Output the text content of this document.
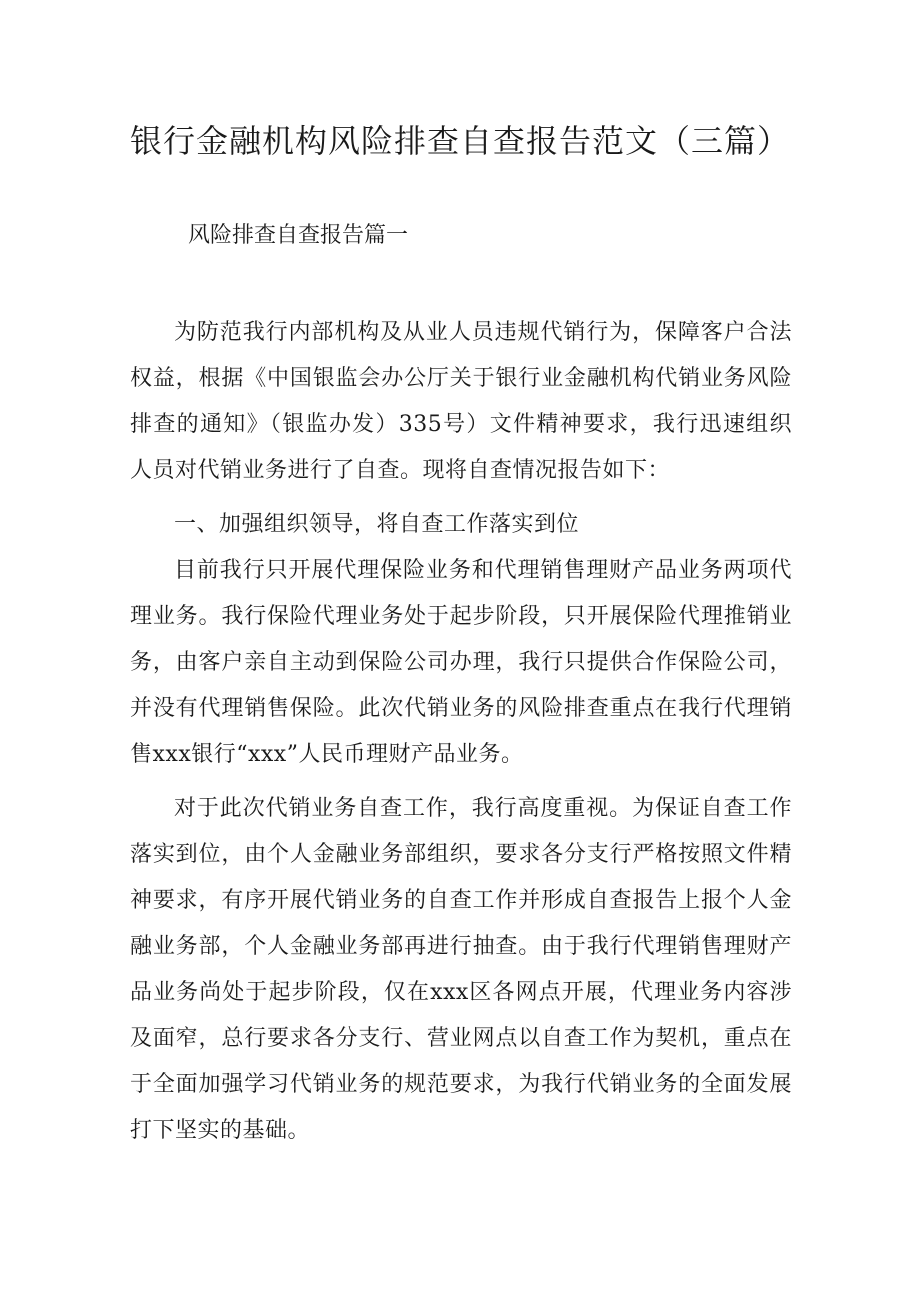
银行金融机构风险排查自查报告范文（三篇）
风险排查自查报告篇一

为防范我行内部机构及从业人员违规代销行为，保障客户合法权益，根据《中国银监会办公厅关于银行业金融机构代销业务风险排查的通知》（银监办发）335号）文件精神要求，我行迅速组织人员对代销业务进行了自查。现将自查情况报告如下：

一、加强组织领导，将自查工作落实到位

目前我行只开展代理保险业务和代理销售理财产品业务两项代理业务。我行保险代理业务处于起步阶段，只开展保险代理推销业务，由客户亲自主动到保险公司办理，我行只提供合作保险公司，并没有代理销售保险。此次代销业务的风险排查重点在我行代理销售xxx银行“xxx”人民币理财产品业务。

对于此次代销业务自查工作，我行高度重视。为保证自查工作落实到位，由个人金融业务部组织，要求各分支行严格按照文件精神要求，有序开展代销业务的自查工作并形成自查报告上报个人金融业务部，个人金融业务部再进行抽查。由于我行代理销售理财产品业务尚处于起步阶段，仅在xxx区各网点开展，代理业务内容涉及面窄，总行要求各分支行、营业网点以自查工作为契机，重点在于全面加强学习代销业务的规范要求，为我行代销业务的全面发展打下坚实的基础。
